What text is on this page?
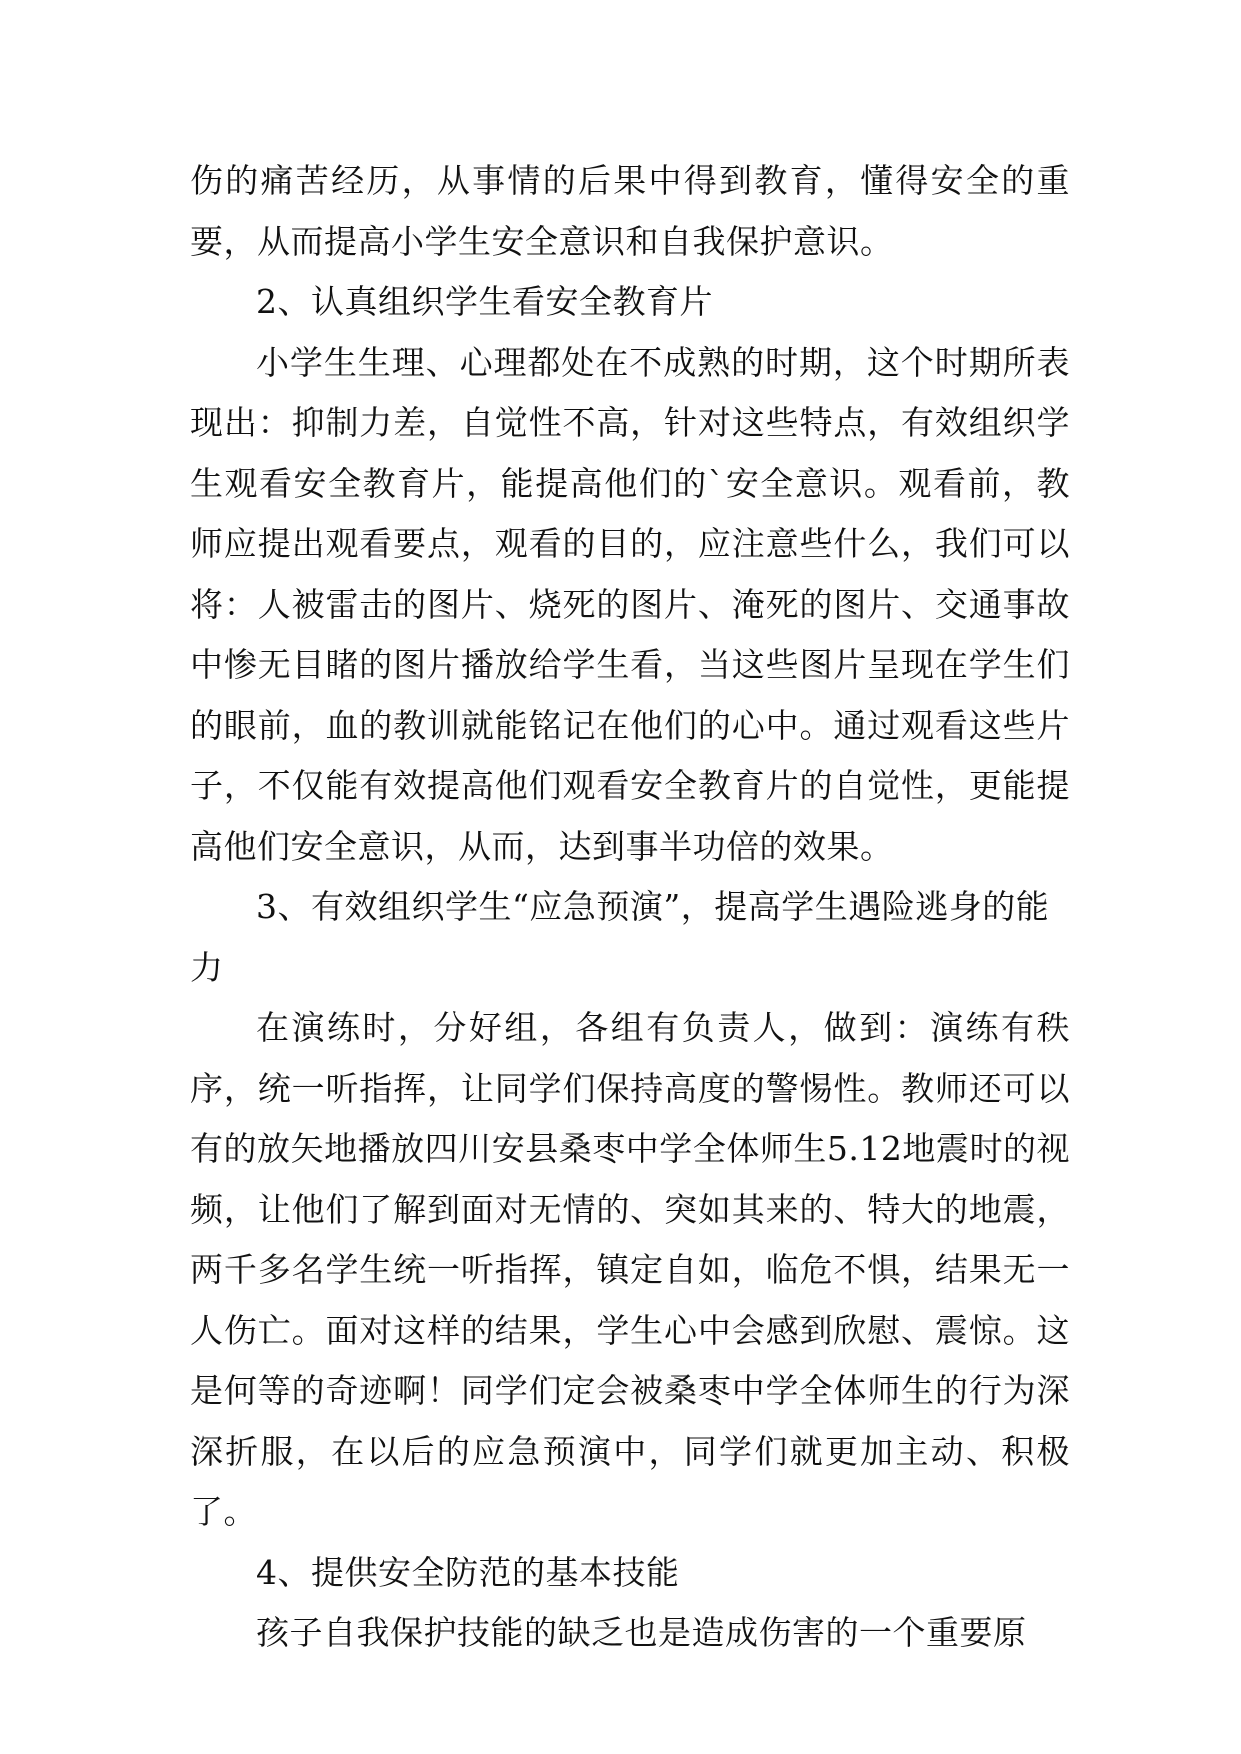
伤的痛苦经历，从事情的后果中得到教育，懂得安全的重要，从而提高小学生安全意识和自我保护意识。

2、认真组织学生看安全教育片

小学生生理、心理都处在不成熟的时期，这个时期所表现出：抑制力差，自觉性不高，针对这些特点，有效组织学生观看安全教育片，能提高他们的`安全意识。观看前，教师应提出观看要点，观看的目的，应注意些什么，我们可以将：人被雷击的图片、烧死的图片、淹死的图片、交通事故中惨无目睹的图片播放给学生看，当这些图片呈现在学生们的眼前，血的教训就能铭记在他们的心中。通过观看这些片子，不仅能有效提高他们观看安全教育片的自觉性，更能提高他们安全意识，从而，达到事半功倍的效果。

3、有效组织学生“应急预演”，提高学生遇险逃身的能力

在演练时，分好组，各组有负责人，做到：演练有秩序，统一听指挥，让同学们保持高度的警惕性。教师还可以有的放矢地播放四川安县桑枣中学全体师生5.12地震时的视频，让他们了解到面对无情的、突如其来的、特大的地震，两千多名学生统一听指挥，镇定自如，临危不惧，结果无一人伤亡。面对这样的结果，学生心中会感到欣慰、震惊。这是何等的奇迹啊！同学们定会被桑枣中学全体师生的行为深深折服，在以后的应急预演中，同学们就更加主动、积极了。

4、提供安全防范的基本技能

孩子自我保护技能的缺乏也是造成伤害的一个重要原
